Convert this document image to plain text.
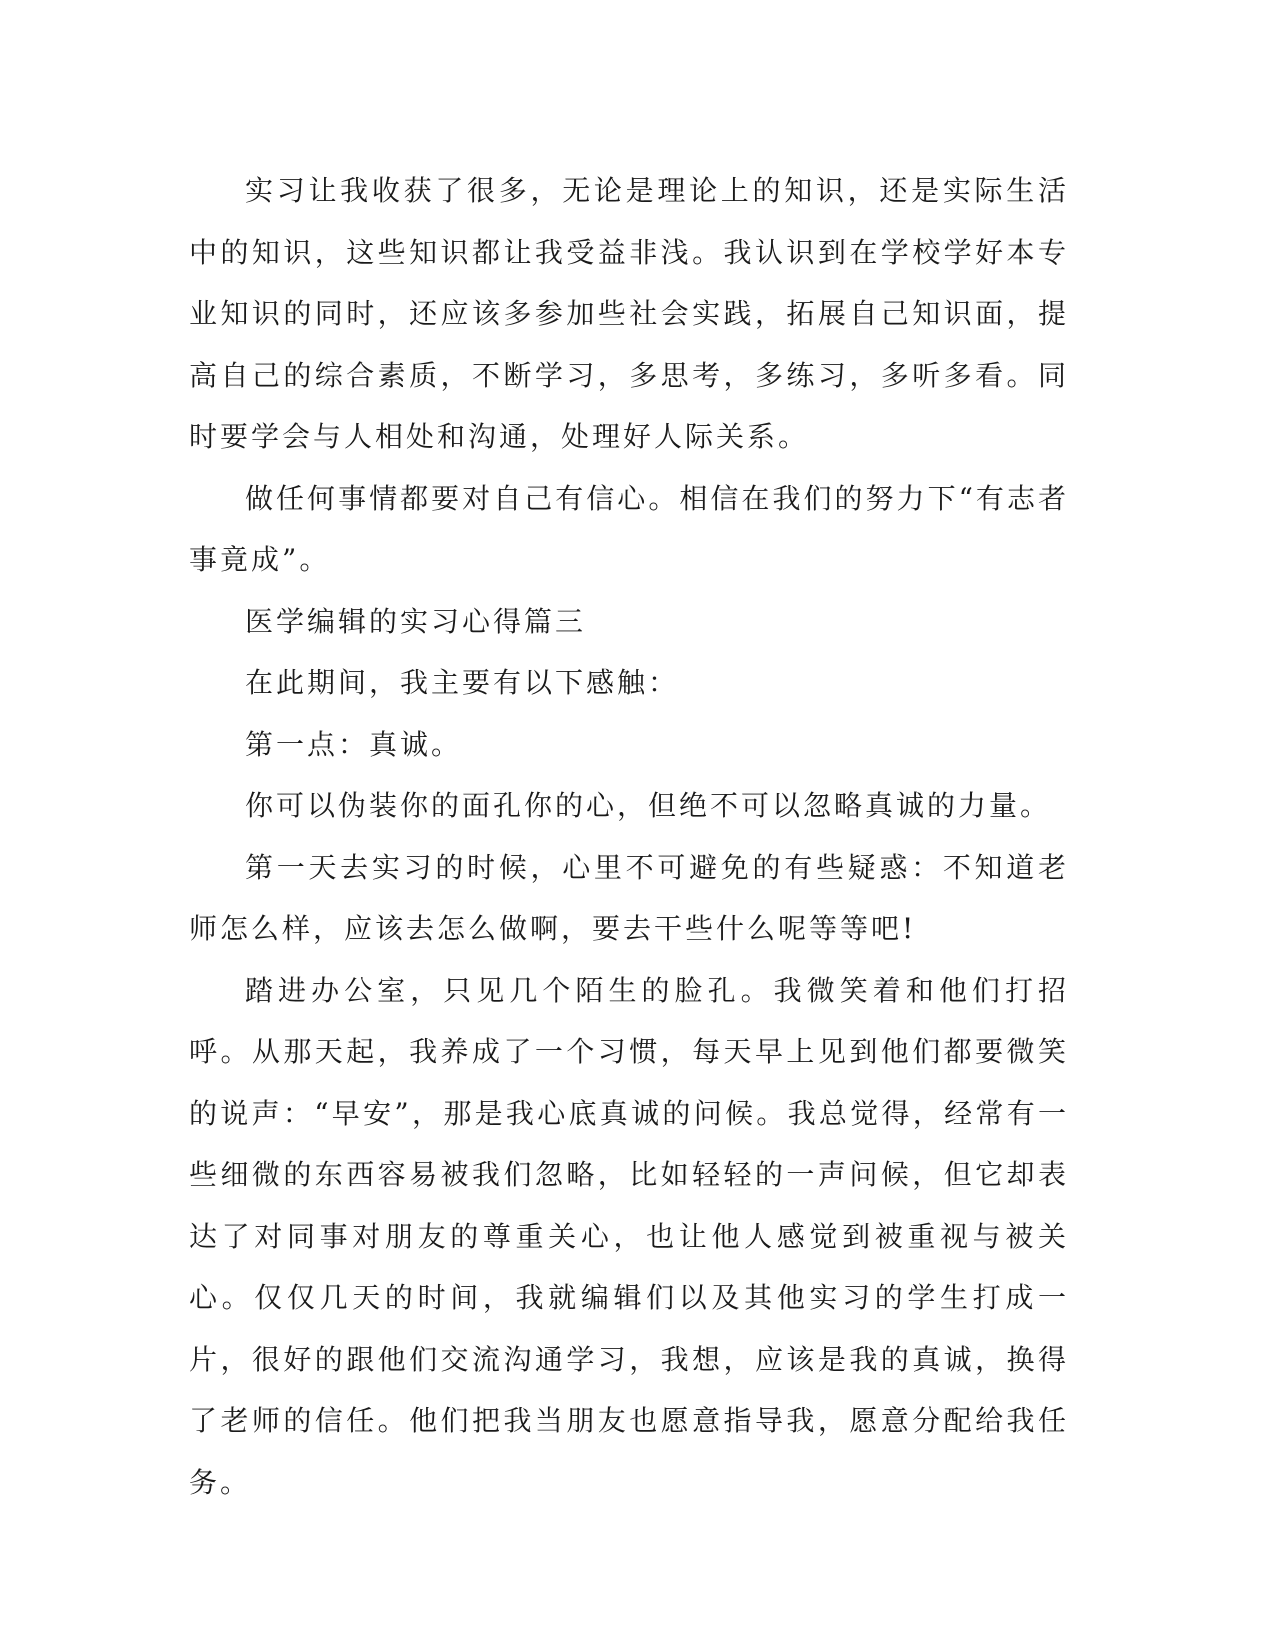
实习让我收获了很多，无论是理论上的知识，还是实际生活中的知识，这些知识都让我受益非浅。我认识到在学校学好本专业知识的同时，还应该多参加些社会实践，拓展自己知识面，提高自己的综合素质，不断学习，多思考，多练习，多听多看。同时要学会与人相处和沟通，处理好人际关系。

做任何事情都要对自己有信心。相信在我们的努力下“有志者事竟成”。

医学编辑的实习心得篇三

在此期间，我主要有以下感触：

第一点：真诚。

你可以伪装你的面孔你的心，但绝不可以忽略真诚的力量。

第一天去实习的时候，心里不可避免的有些疑惑：不知道老师怎么样，应该去怎么做啊，要去干些什么呢等等吧!

踏进办公室，只见几个陌生的脸孔。我微笑着和他们打招呼。从那天起，我养成了一个习惯，每天早上见到他们都要微笑的说声：“早安”，那是我心底真诚的问候。我总觉得，经常有一些细微的东西容易被我们忽略，比如轻轻的一声问候，但它却表达了对同事对朋友的尊重关心，也让他人感觉到被重视与被关心。仅仅几天的时间，我就编辑们以及其他实习的学生打成一片，很好的跟他们交流沟通学习，我想，应该是我的真诚，换得了老师的信任。他们把我当朋友也愿意指导我，愿意分配给我任务。
